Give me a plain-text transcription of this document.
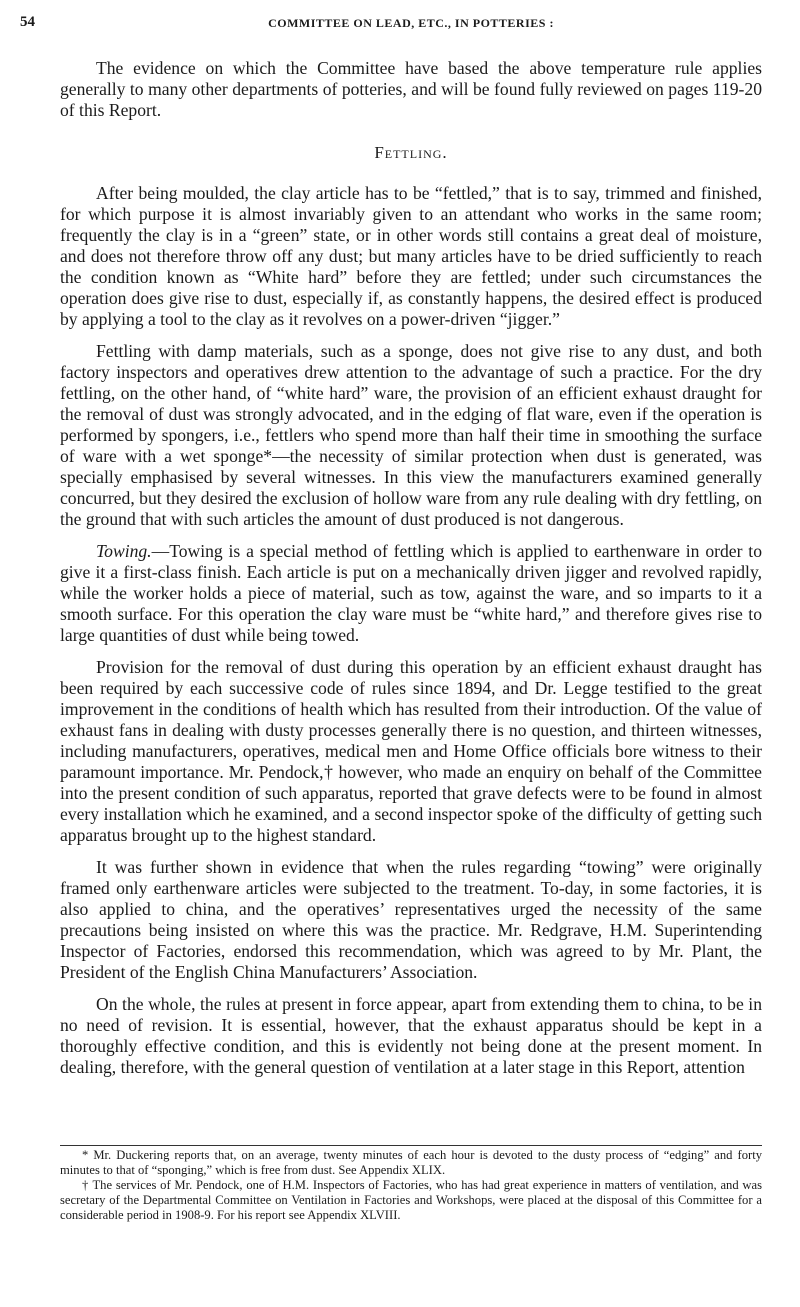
54	COMMITTEE ON LEAD, ETC., IN POTTERIES :

The evidence on which the Committee have based the above temperature rule applies generally to many other departments of potteries, and will be found fully reviewed on pages 119-20 of this Report.

Fettling.

After being moulded, the clay article has to be “fettled,” that is to say, trimmed and finished, for which purpose it is almost invariably given to an attendant who works in the same room; frequently the clay is in a “green” state, or in other words still contains a great deal of moisture, and does not therefore throw off any dust; but many articles have to be dried sufficiently to reach the condition known as “White hard” before they are fettled; under such circumstances the operation does give rise to dust, especially if, as constantly happens, the desired effect is produced by applying a tool to the clay as it revolves on a power-driven “jigger.”

Fettling with damp materials, such as a sponge, does not give rise to any dust, and both factory inspectors and operatives drew attention to the advantage of such a practice. For the dry fettling, on the other hand, of “white hard” ware, the provision of an efficient exhaust draught for the removal of dust was strongly advocated, and in the edging of flat ware, even if the operation is performed by spongers, i.e., fettlers who spend more than half their time in smoothing the surface of ware with a wet sponge*—the necessity of similar protection when dust is generated, was specially emphasised by several witnesses. In this view the manufacturers examined generally concurred, but they desired the exclusion of hollow ware from any rule dealing with dry fettling, on the ground that with such articles the amount of dust produced is not dangerous.

Towing.—Towing is a special method of fettling which is applied to earthenware in order to give it a first-class finish. Each article is put on a mechanically driven jigger and revolved rapidly, while the worker holds a piece of material, such as tow, against the ware, and so imparts to it a smooth surface. For this operation the clay ware must be “white hard,” and therefore gives rise to large quantities of dust while being towed.

Provision for the removal of dust during this operation by an efficient exhaust draught has been required by each successive code of rules since 1894, and Dr. Legge testified to the great improvement in the conditions of health which has resulted from their introduction. Of the value of exhaust fans in dealing with dusty processes generally there is no question, and thirteen witnesses, including manufacturers, operatives, medical men and Home Office officials bore witness to their paramount importance. Mr. Pendock,† however, who made an enquiry on behalf of the Committee into the present condition of such apparatus, reported that grave defects were to be found in almost every installation which he examined, and a second inspector spoke of the difficulty of getting such apparatus brought up to the highest standard.

It was further shown in evidence that when the rules regarding “towing” were originally framed only earthenware articles were subjected to the treatment. To-day, in some factories, it is also applied to china, and the operatives’ representatives urged the necessity of the same precautions being insisted on where this was the practice. Mr. Redgrave, H.M. Superintending Inspector of Factories, endorsed this recommendation, which was agreed to by Mr. Plant, the President of the English China Manufacturers’ Association.

On the whole, the rules at present in force appear, apart from extending them to china, to be in no need of revision. It is essential, however, that the exhaust apparatus should be kept in a thoroughly effective condition, and this is evidently not being done at the present moment. In dealing, therefore, with the general question of ventilation at a later stage in this Report, attention

* Mr. Duckering reports that, on an average, twenty minutes of each hour is devoted to the dusty process of “edging” and forty minutes to that of “sponging,” which is free from dust. See Appendix XLIX.

† The services of Mr. Pendock, one of H.M. Inspectors of Factories, who has had great experience in matters of ventilation, and was secretary of the Departmental Committee on Ventilation in Factories and Workshops, were placed at the disposal of this Committee for a considerable period in 1908-9. For his report see Appendix XLVIII.
